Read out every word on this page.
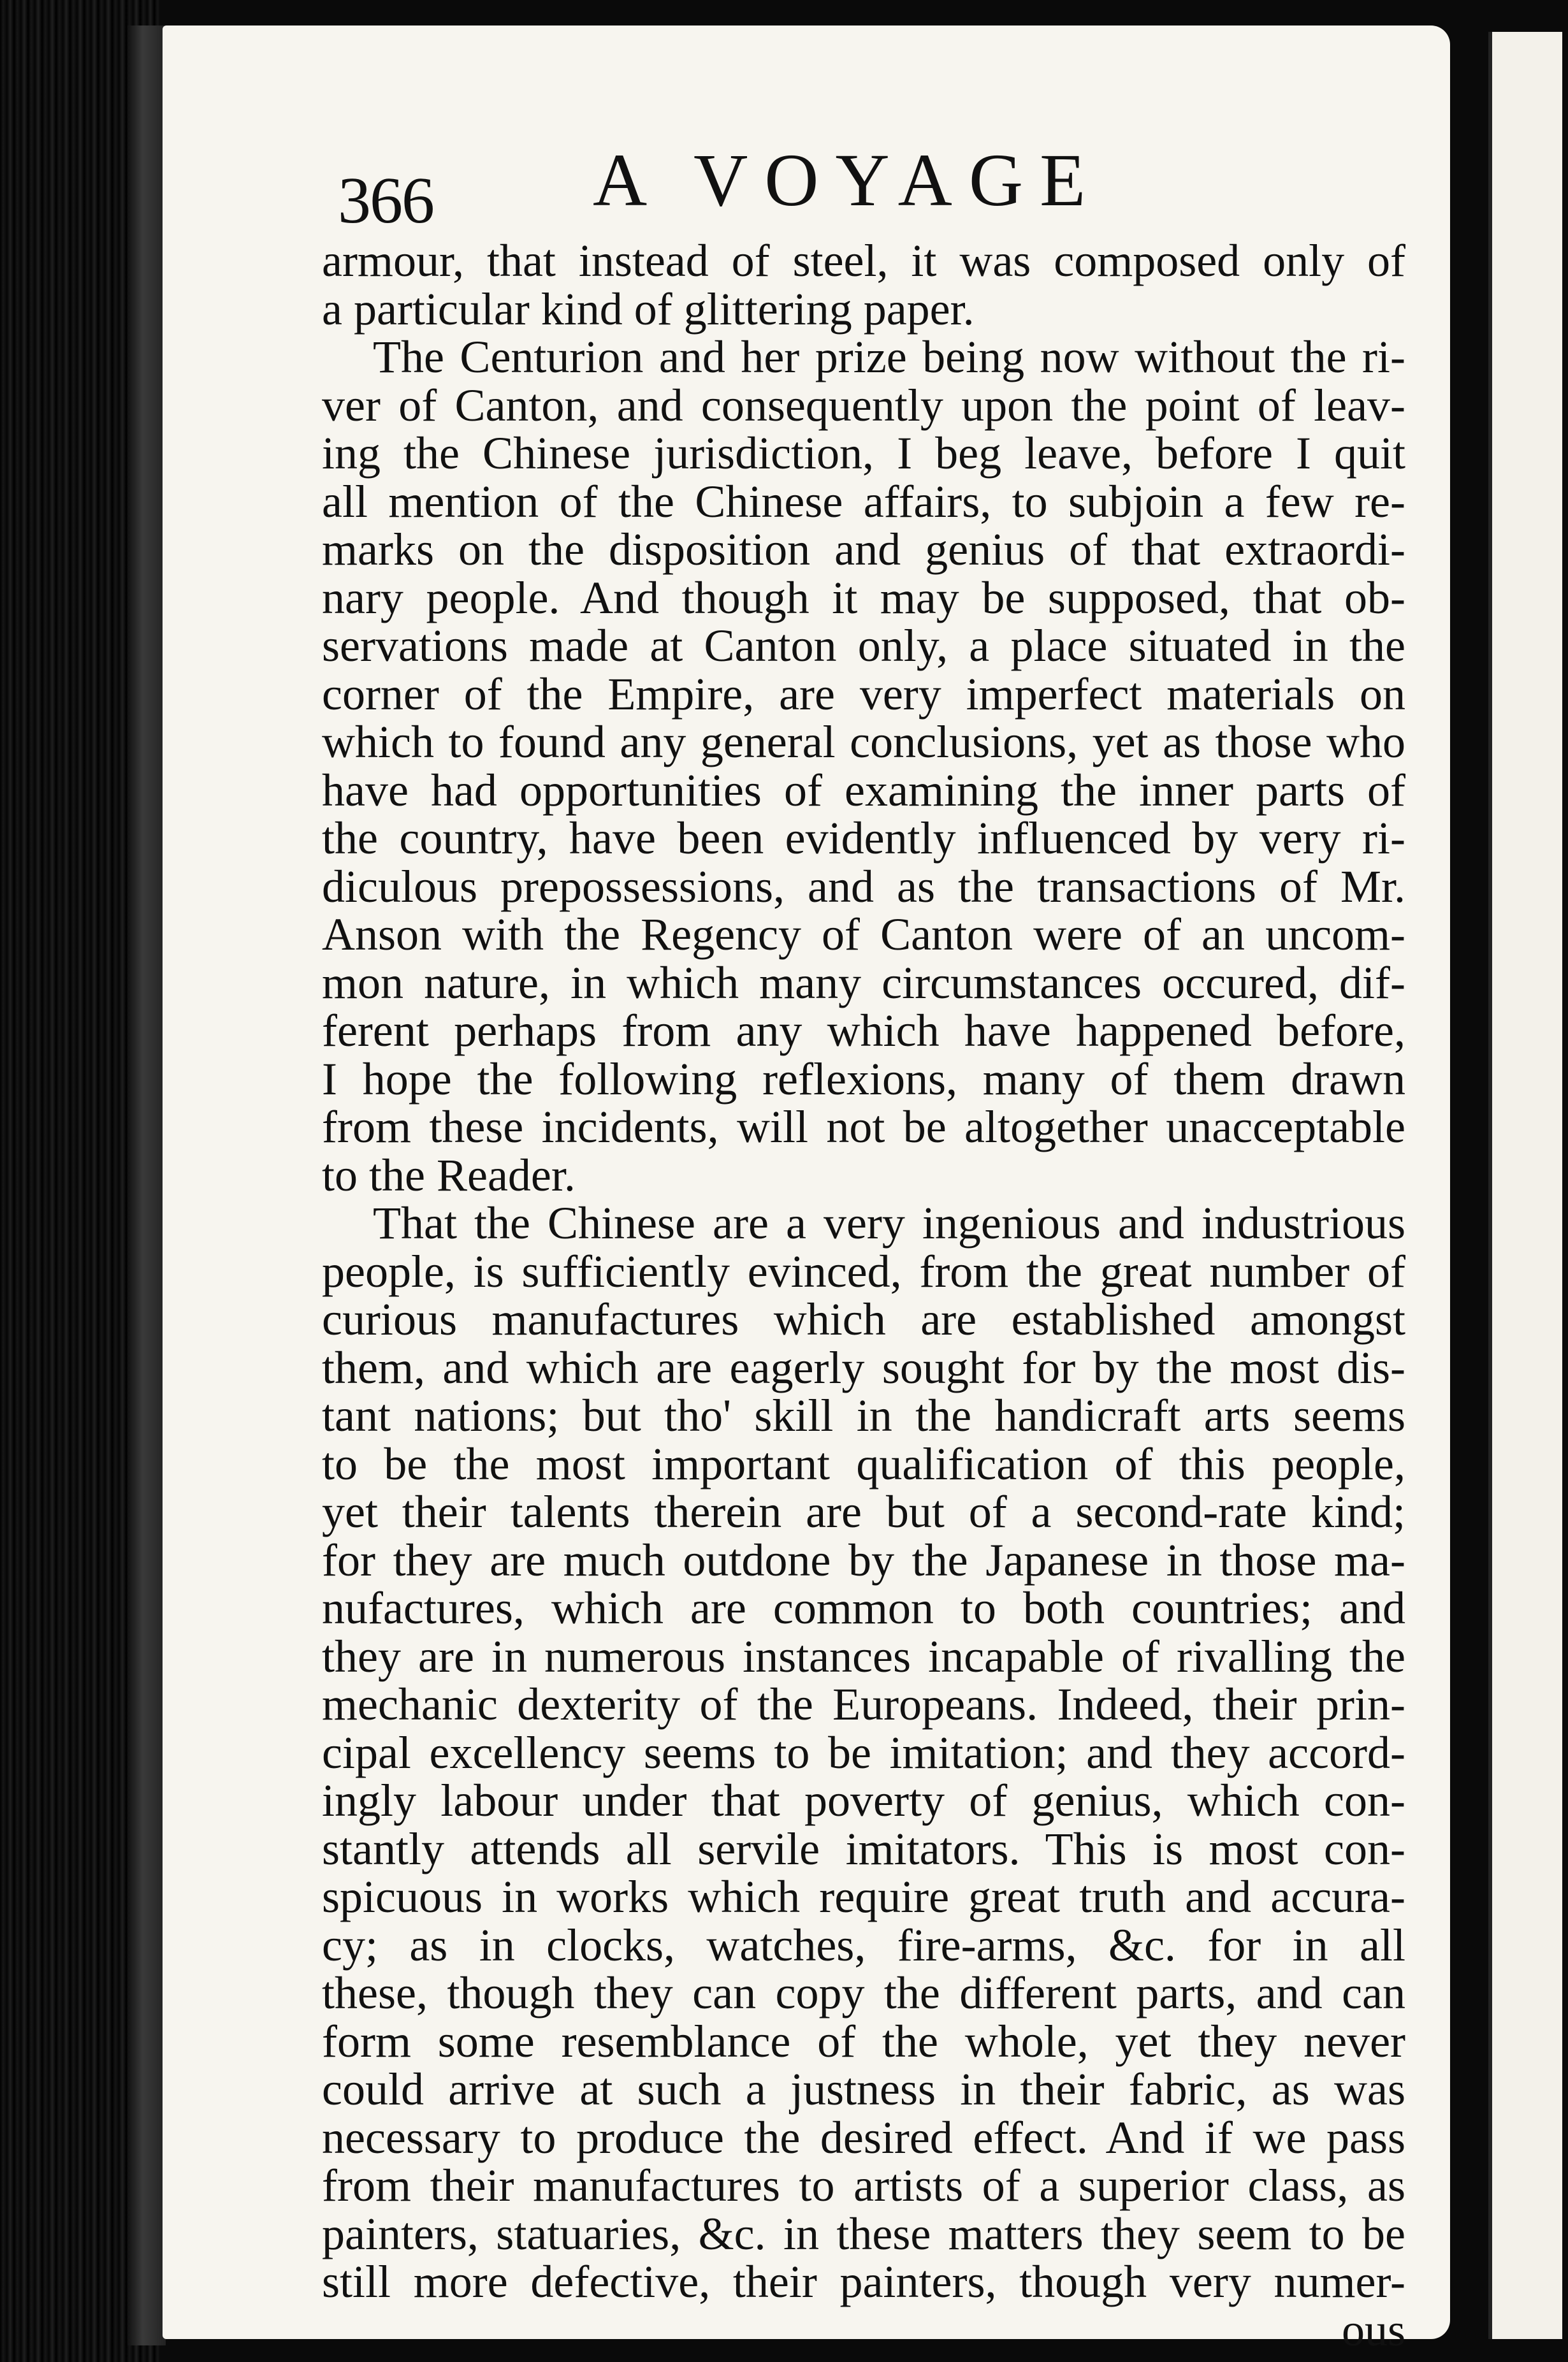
366 A VOYAGE
armour, that instead of steel, it was composed only of
a particular kind of glittering paper.
The Centurion and her prize being now without the ri-
ver of Canton, and consequently upon the point of leav-
ing the Chinese jurisdiction, I beg leave, before I quit
all mention of the Chinese affairs, to subjoin a few re-
marks on the disposition and genius of that extraordi-
nary people. And though it may be supposed, that ob-
servations made at Canton only, a place situated in the
corner of the Empire, are very imperfect materials on
which to found any general conclusions, yet as those who
have had opportunities of examining the inner parts of
the country, have been evidently influenced by very ri-
diculous prepossessions, and as the transactions of Mr.
Anson with the Regency of Canton were of an uncom-
mon nature, in which many circumstances occured, dif-
ferent perhaps from any which have happened before,
I hope the following reflexions, many of them drawn
from these incidents, will not be altogether unacceptable
to the Reader.
That the Chinese are a very ingenious and industrious
people, is sufficiently evinced, from the great number of
curious manufactures which are established amongst
them, and which are eagerly sought for by the most dis-
tant nations; but tho' skill in the handicraft arts seems
to be the most important qualification of this people,
yet their talents therein are but of a second-rate kind;
for they are much outdone by the Japanese in those ma-
nufactures, which are common to both countries; and
they are in numerous instances incapable of rivalling the
mechanic dexterity of the Europeans. Indeed, their prin-
cipal excellency seems to be imitation; and they accord-
ingly labour under that poverty of genius, which con-
stantly attends all servile imitators. This is most con-
spicuous in works which require great truth and accura-
cy; as in clocks, watches, fire-arms, &c. for in all
these, though they can copy the different parts, and can
form some resemblance of the whole, yet they never
could arrive at such a justness in their fabric, as was
necessary to produce the desired effect. And if we pass
from their manufactures to artists of a superior class, as
painters, statuaries, &c. in these matters they seem to be
still more defective, their painters, though very numer-
ous
